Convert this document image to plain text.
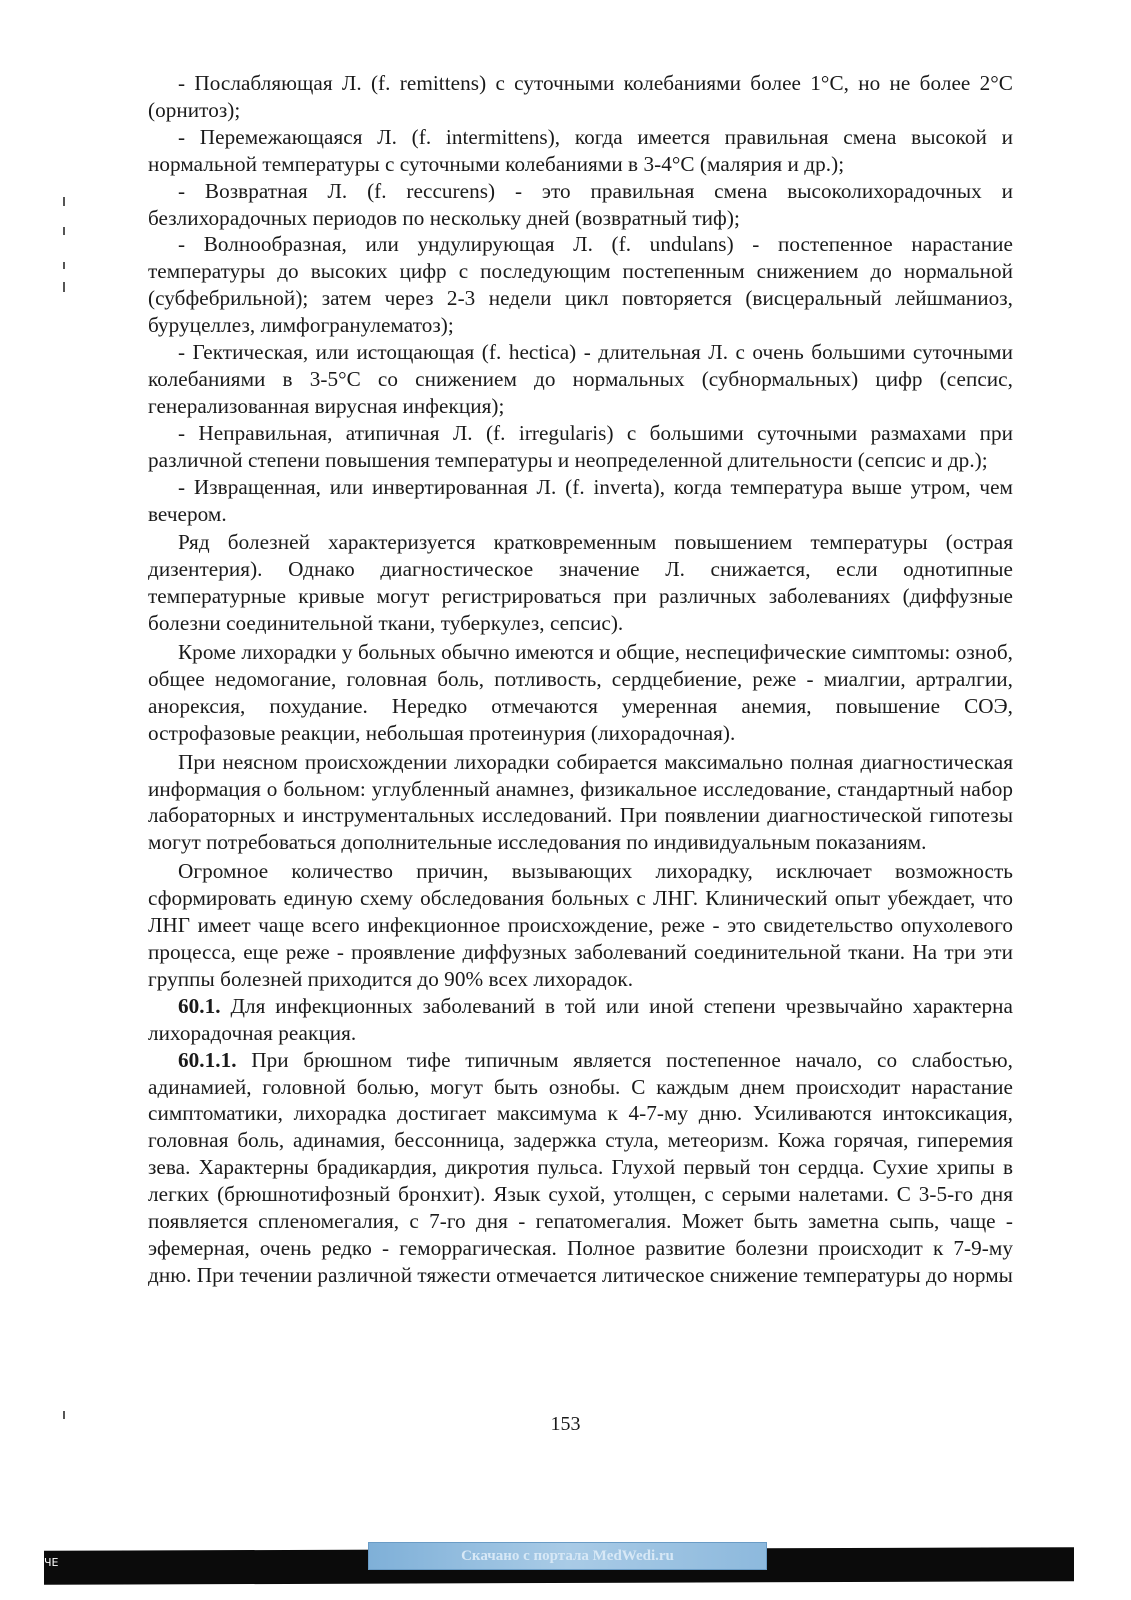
- Послабляющая Л. (f. remittens) с суточными колебаниями более 1°С, но не более 2°С (орнитоз);

- Перемежающаяся Л. (f. intermittens), когда имеется правильная смена высокой и нормальной температуры с суточными колебаниями в 3-4°С (малярия и др.);

- Возвратная Л. (f. reccurens) - это правильная смена высоколихорадочных и безлихорадочных периодов по нескольку дней (возвратный тиф);

- Волнообразная, или ундулирующая Л. (f. undulans) - постепенное нарастание температуры до высоких цифр с последующим постепенным снижением до нормальной (субфебрильной); затем через 2-3 недели цикл повторяется (висцеральный лейшманиоз, буруцеллез, лимфогранулематоз);

- Гектическая, или истощающая (f. hectica) - длительная Л. с очень большими суточными колебаниями в 3-5°С со снижением до нормальных (субнормальных) цифр (сепсис, генерализованная вирусная инфекция);

- Неправильная, атипичная Л. (f. irregularis) с большими суточными размахами при различной степени повышения температуры и неопределенной длительности (сепсис и др.);

- Извращенная, или инвертированная Л. (f. inverta), когда температура выше утром, чем вечером.

Ряд болезней характеризуется кратковременным повышением температуры (острая дизентерия). Однако диагностическое значение Л. снижается, если однотипные температурные кривые могут регистрироваться при различных заболеваниях (диффузные болезни соединительной ткани, туберкулез, сепсис).

Кроме лихорадки у больных обычно имеются и общие, неспецифические симптомы: озноб, общее недомогание, головная боль, потливость, сердцебиение, реже - миалгии, артралгии, анорексия, похудание. Нередко отмечаются умеренная анемия, повышение СОЭ, острофазовые реакции, небольшая протеинурия (лихорадочная).

При неясном происхождении лихорадки собирается максимально полная диагностическая информация о больном: углубленный анамнез, физикальное исследование, стандартный набор лабораторных и инструментальных исследований. При появлении диагностической гипотезы могут потребоваться дополнительные исследования по индивидуальным показаниям.

Огромное количество причин, вызывающих лихорадку, исключает возможность сформировать единую схему обследования больных с ЛНГ. Клинический опыт убеждает, что ЛНГ имеет чаще всего инфекционное происхождение, реже - это свидетельство опухолевого процесса, еще реже - проявление диффузных заболеваний соединительной ткани. На три эти группы болезней приходится до 90% всех лихорадок.

60.1. Для инфекционных заболеваний в той или иной степени чрезвычайно характерна лихорадочная реакция.

60.1.1. При брюшном тифе типичным является постепенное начало, со слабостью, адинамией, головной болью, могут быть ознобы. С каждым днем происходит нарастание симптоматики, лихорадка достигает максимума к 4-7-му дню. Усиливаются интоксикация, головная боль, адинамия, бессонница, задержка стула, метеоризм. Кожа горячая, гиперемия зева. Характерны брадикардия, дикротия пульса. Глухой первый тон сердца. Сухие хрипы в легких (брюшнотифозный бронхит). Язык сухой, утолщен, с серыми налетами. С 3-5-го дня появляется спленомегалия, с 7-го дня - гепатомегалия. Может быть заметна сыпь, чаще - эфемерная, очень редко - геморрагическая. Полное развитие болезни происходит к 7-9-му дню. При течении различной тяжести отмечается литическое снижение температуры до нормы

153
ЧЕ	Скачано с портала MedWedi.ru
